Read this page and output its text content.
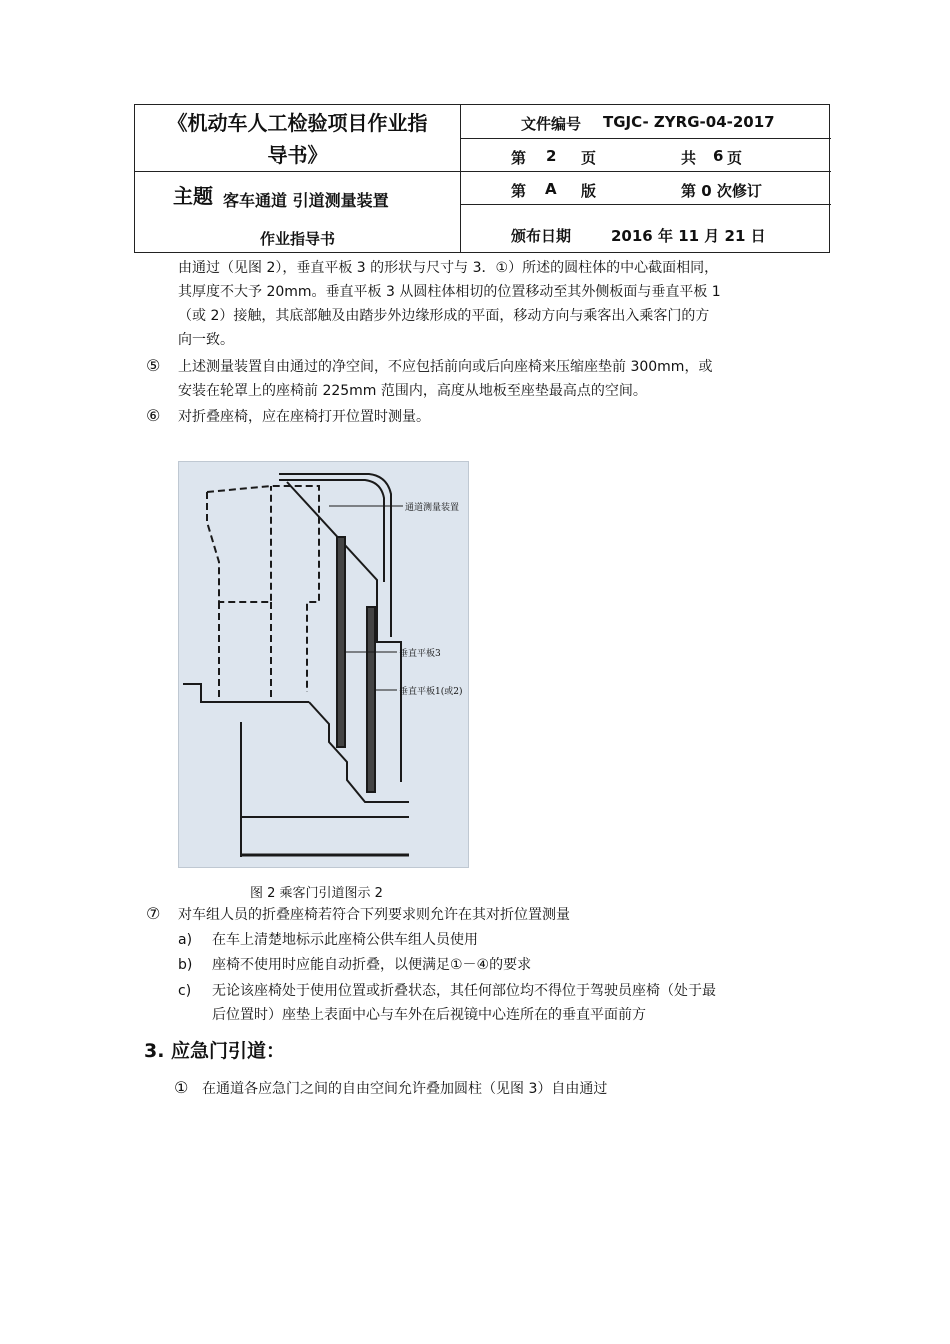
《机动车人工检验项目作业指
导书》
主题 客车通道 引道测量装置
作业指导书
文件编号 TGJC- ZYRG-04-2017
第 2 页	共 6 页
第 A 版	第 0 次修订
颁布日期	2016 年 11 月 21 日
由通过（见图 2），垂直平板 3 的形状与尺寸与 3．①）所述的圆柱体的中心截面相同，
其厚度不大予 20mm。垂直平板 3 从圆柱体相切的位置移动至其外侧板面与垂直平板 1
（或 2）接触，其底部触及由踏步外边缘形成的平面，移动方向与乘客出入乘客门的方
向一致。
⑤ 上述测量装置自由通过的净空间，不应包括前向或后向座椅来压缩座垫前 300mm，或
安装在轮罩上的座椅前 225mm 范围内，高度从地板至座垫最高点的空间。
⑥ 对折叠座椅，应在座椅打开位置时测量。
通道测量装置
垂直平板3
垂直平板1(或2)
图 2 乘客门引道图示 2
⑦ 对车组人员的折叠座椅若符合下列要求则允许在其对折位置测量
a) 在车上清楚地标示此座椅公供车组人员使用
b) 座椅不使用时应能自动折叠，以便满足①－④的要求
c) 无论该座椅处于使用位置或折叠状态，其任何部位均不得位于驾驶员座椅（处于最
后位置时）座垫上表面中心与车外在后视镜中心连所在的垂直平面前方
3. 应急门引道：
① 在通道各应急门之间的自由空间允许叠加圆柱（见图 3）自由通过
